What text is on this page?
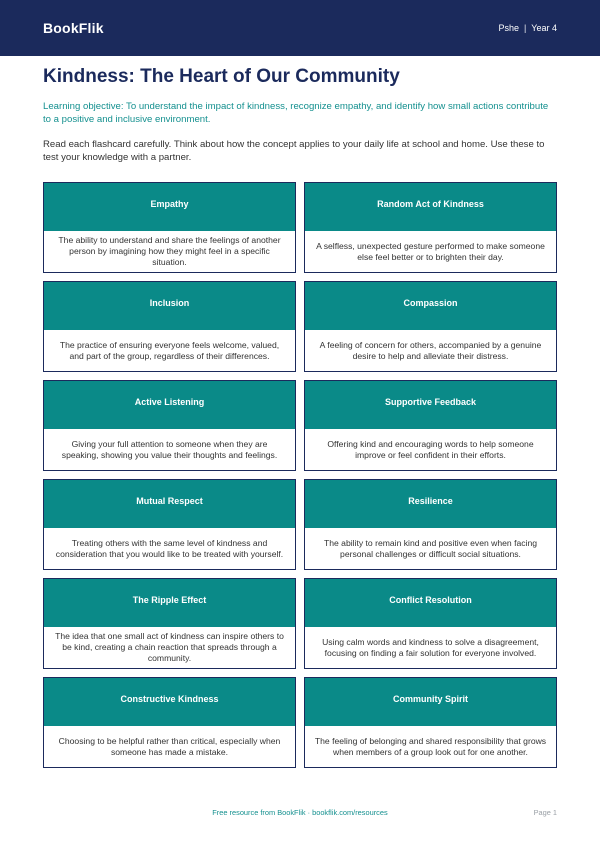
BookFlik	Pshe | Year 4
Kindness: The Heart of Our Community

Learning objective: To understand the impact of kindness, recognize empathy, and identify how small actions contribute to a positive and inclusive environment.

Read each flashcard carefully. Think about how the concept applies to your daily life at school and home. Use these to test your knowledge with a partner.

Empathy
The ability to understand and share the feelings of another person by imagining how they might feel in a specific situation.
Random Act of Kindness
A selfless, unexpected gesture performed to make someone else feel better or to brighten their day.
Inclusion
The practice of ensuring everyone feels welcome, valued, and part of the group, regardless of their differences.
Compassion
A feeling of concern for others, accompanied by a genuine desire to help and alleviate their distress.
Active Listening
Giving your full attention to someone when they are speaking, showing you value their thoughts and feelings.
Supportive Feedback
Offering kind and encouraging words to help someone improve or feel confident in their efforts.
Mutual Respect
Treating others with the same level of kindness and consideration that you would like to be treated with yourself.
Resilience
The ability to remain kind and positive even when facing personal challenges or difficult social situations.
The Ripple Effect
The idea that one small act of kindness can inspire others to be kind, creating a chain reaction that spreads through a community.
Conflict Resolution
Using calm words and kindness to solve a disagreement, focusing on finding a fair solution for everyone involved.
Constructive Kindness
Choosing to be helpful rather than critical, especially when someone has made a mistake.
Community Spirit
The feeling of belonging and shared responsibility that grows when members of a group look out for one another.
Free resource from BookFlik · bookflik.com/resources	Page 1
